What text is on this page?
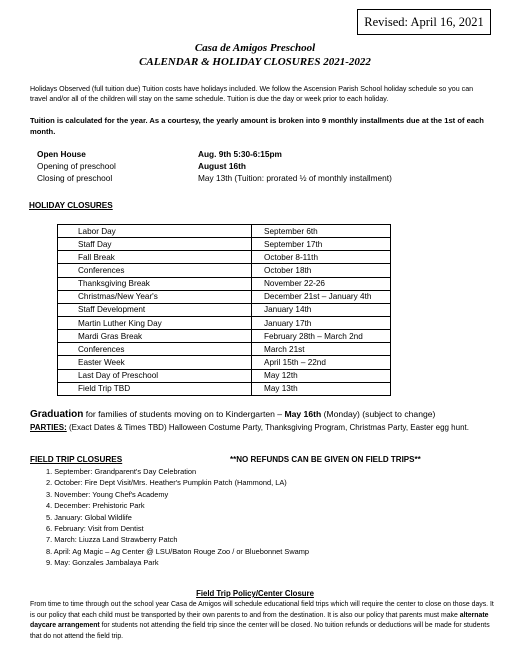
Revised: April 16, 2021
Casa de Amigos Preschool
CALENDAR & HOLIDAY CLOSURES 2021-2022
Holidays Observed (full tuition due) Tuition costs have holidays included. We follow the Ascension Parish School holiday schedule so you can travel and/or all of the children will stay on the same schedule. Tuition is due the day or week prior to each holiday.
Tuition is calculated for the year. As a courtesy, the yearly amount is broken into 9 monthly installments due at the 1st of each month.
Open House	Aug. 9th 5:30-6:15pm
Opening of preschool	August 16th
Closing of preschool	May 13th (Tuition: prorated ½ of monthly installment)
HOLIDAY CLOSURES
Labor Day	September 6th
Staff Day	September 17th
Fall Break	October 8-11th
Conferences	October 18th
Thanksgiving Break	November 22-26
Christmas/New Year's	December 21st – January 4th
Staff Development	January 14th
Martin Luther King Day	January 17th
Mardi Gras Break	February 28th – March 2nd
Conferences	March 21st
Easter Week	April 15th – 22nd
Last Day of Preschool	May 12th
Field Trip TBD	May 13th
Graduation for families of students moving on to Kindergarten – May 16th (Monday) (subject to change)
PARTIES: (Exact Dates & Times TBD) Halloween Costume Party, Thanksgiving Program, Christmas Party, Easter egg hunt.
FIELD TRIP CLOSURES	**NO REFUNDS CAN BE GIVEN ON FIELD TRIPS**
1. September: Grandparent's Day Celebration
2. October: Fire Dept Visit/Mrs. Heather's Pumpkin Patch (Hammond, LA)
3. November: Young Chef's Academy
4. December: Prehistoric Park
5. January: Global Wildlife
6. February: Visit from Dentist
7. March: Liuzza Land Strawberry Patch
8. April: Ag Magic – Ag Center @ LSU/Baton Rouge Zoo / or Bluebonnet Swamp
9. May: Gonzales Jambalaya Park
Field Trip Policy/Center Closure
From time to time through out the school year Casa de Amigos will schedule educational field trips which will require the center to close on those days. It is our policy that each child must be transported by their own parents to and from the destination. It is also our policy that parents must make alternate daycare arrangement for students not attending the field trip since the center will be closed. No tuition refunds or deductions will be made for students that do not attend the field trip.
